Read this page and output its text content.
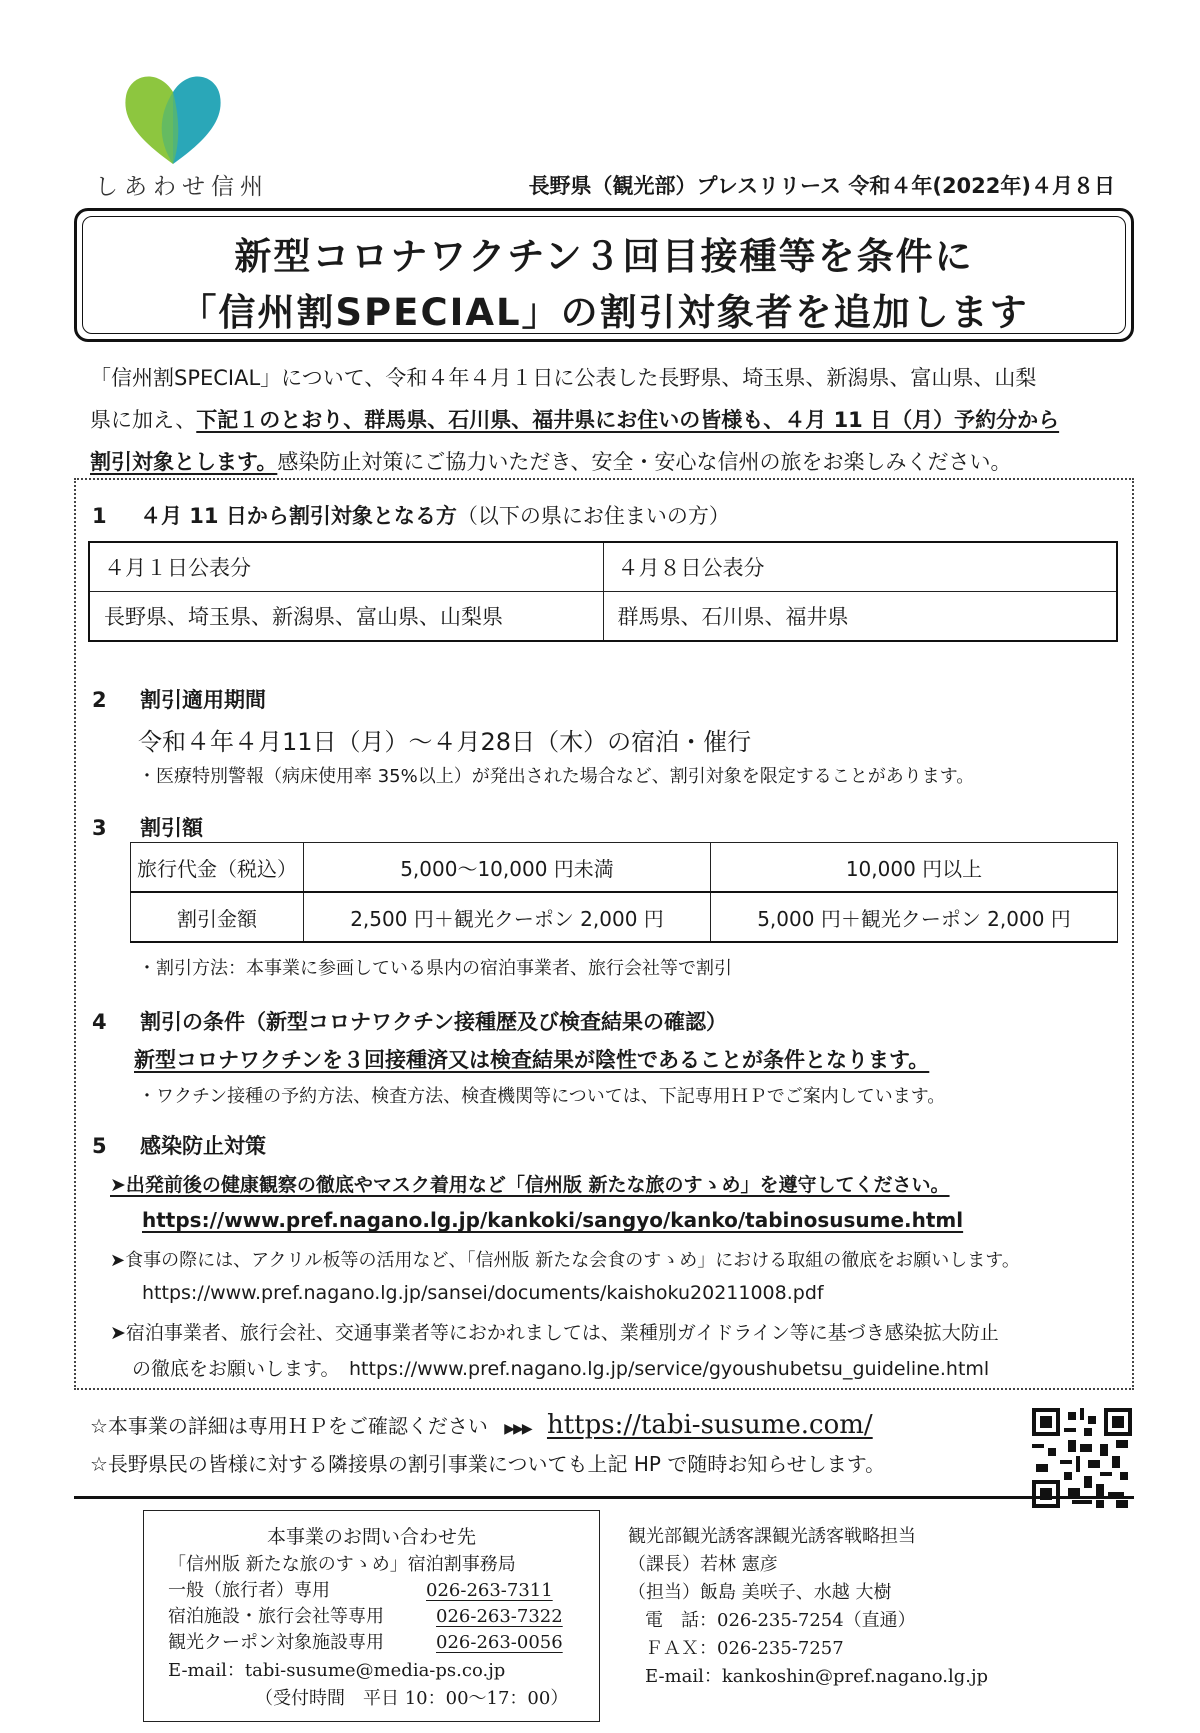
しあわせ信州	長野県（観光部）プレスリリース 令和４年(2022年)４月８日
新型コロナワクチン３回目接種等を条件に
「信州割SPECIAL」の割引対象者を追加します

「信州割SPECIAL」について、令和４年４月１日に公表した長野県、埼玉県、新潟県、富山県、山梨

県に加え、下記１のとおり、群馬県、石川県、福井県にお住いの皆様も、４月 11 日（月）予約分から

割引対象とします。感染防止対策にご協力いただき、安全・安心な信州の旅をお楽しみください。

1 ４月 11 日から割引対象となる方（以下の県にお住まいの方）
４月１日公表分	４月８日公表分
長野県、埼玉県、新潟県、富山県、山梨県	群馬県、石川県、福井県
2 割引適用期間
令和４年４月11日（月）～４月28日（木）の宿泊・催行
・医療特別警報（病床使用率 35%以上）が発出された場合など、割引対象を限定することがあります。
3 割引額
旅行代金（税込）	5,000～10,000 円未満	10,000 円以上
割引金額	2,500 円＋観光クーポン 2,000 円	5,000 円＋観光クーポン 2,000 円
・割引方法：本事業に参画している県内の宿泊事業者、旅行会社等で割引
4 割引の条件（新型コロナワクチン接種歴及び検査結果の確認）
新型コロナワクチンを３回接種済又は検査結果が陰性であることが条件となります。
・ワクチン接種の予約方法、検査方法、検査機関等については、下記専用ＨＰでご案内しています。
5 感染防止対策
➤出発前後の健康観察の徹底やマスク着用など「信州版 新たな旅のすゝめ」を遵守してください。
https://www.pref.nagano.lg.jp/kankoki/sangyo/kanko/tabinosusume.html
➤食事の際には、アクリル板等の活用など、「信州版 新たな会食のすゝめ」における取組の徹底をお願いします。
https://www.pref.nagano.lg.jp/sansei/documents/kaishoku20211008.pdf
➤宿泊事業者、旅行会社、交通事業者等におかれましては、業種別ガイドライン等に基づき感染拡大防止
の徹底をお願いします。　 https://www.pref.nagano.lg.jp/service/gyoushubetsu_guideline.html
☆本事業の詳細は専用ＨＰをご確認ください ▶▶▶ https://tabi-susume.com/
☆長野県民の皆様に対する隣接県の割引事業についても上記 HP で随時お知らせします。
本事業のお問い合わせ先
「信州版 新たな旅のすゝめ」宿泊割事務局
一般（旅行者）専用	026-263-7311
宿泊施設・旅行会社等専用	026-263-7322
観光クーポン対象施設専用	026-263-0056
E-mail：tabi-susume@media-ps.co.jp
（受付時間　平日 10：00～17：00）
観光部観光誘客課観光誘客戦略担当
（課長）若林 憲彦
（担当）飯島 美咲子、水越 大樹
電　話：026-235-7254（直通）
ＦＡＸ：026-235-7257
E-mail：kankoshin@pref.nagano.lg.jp
